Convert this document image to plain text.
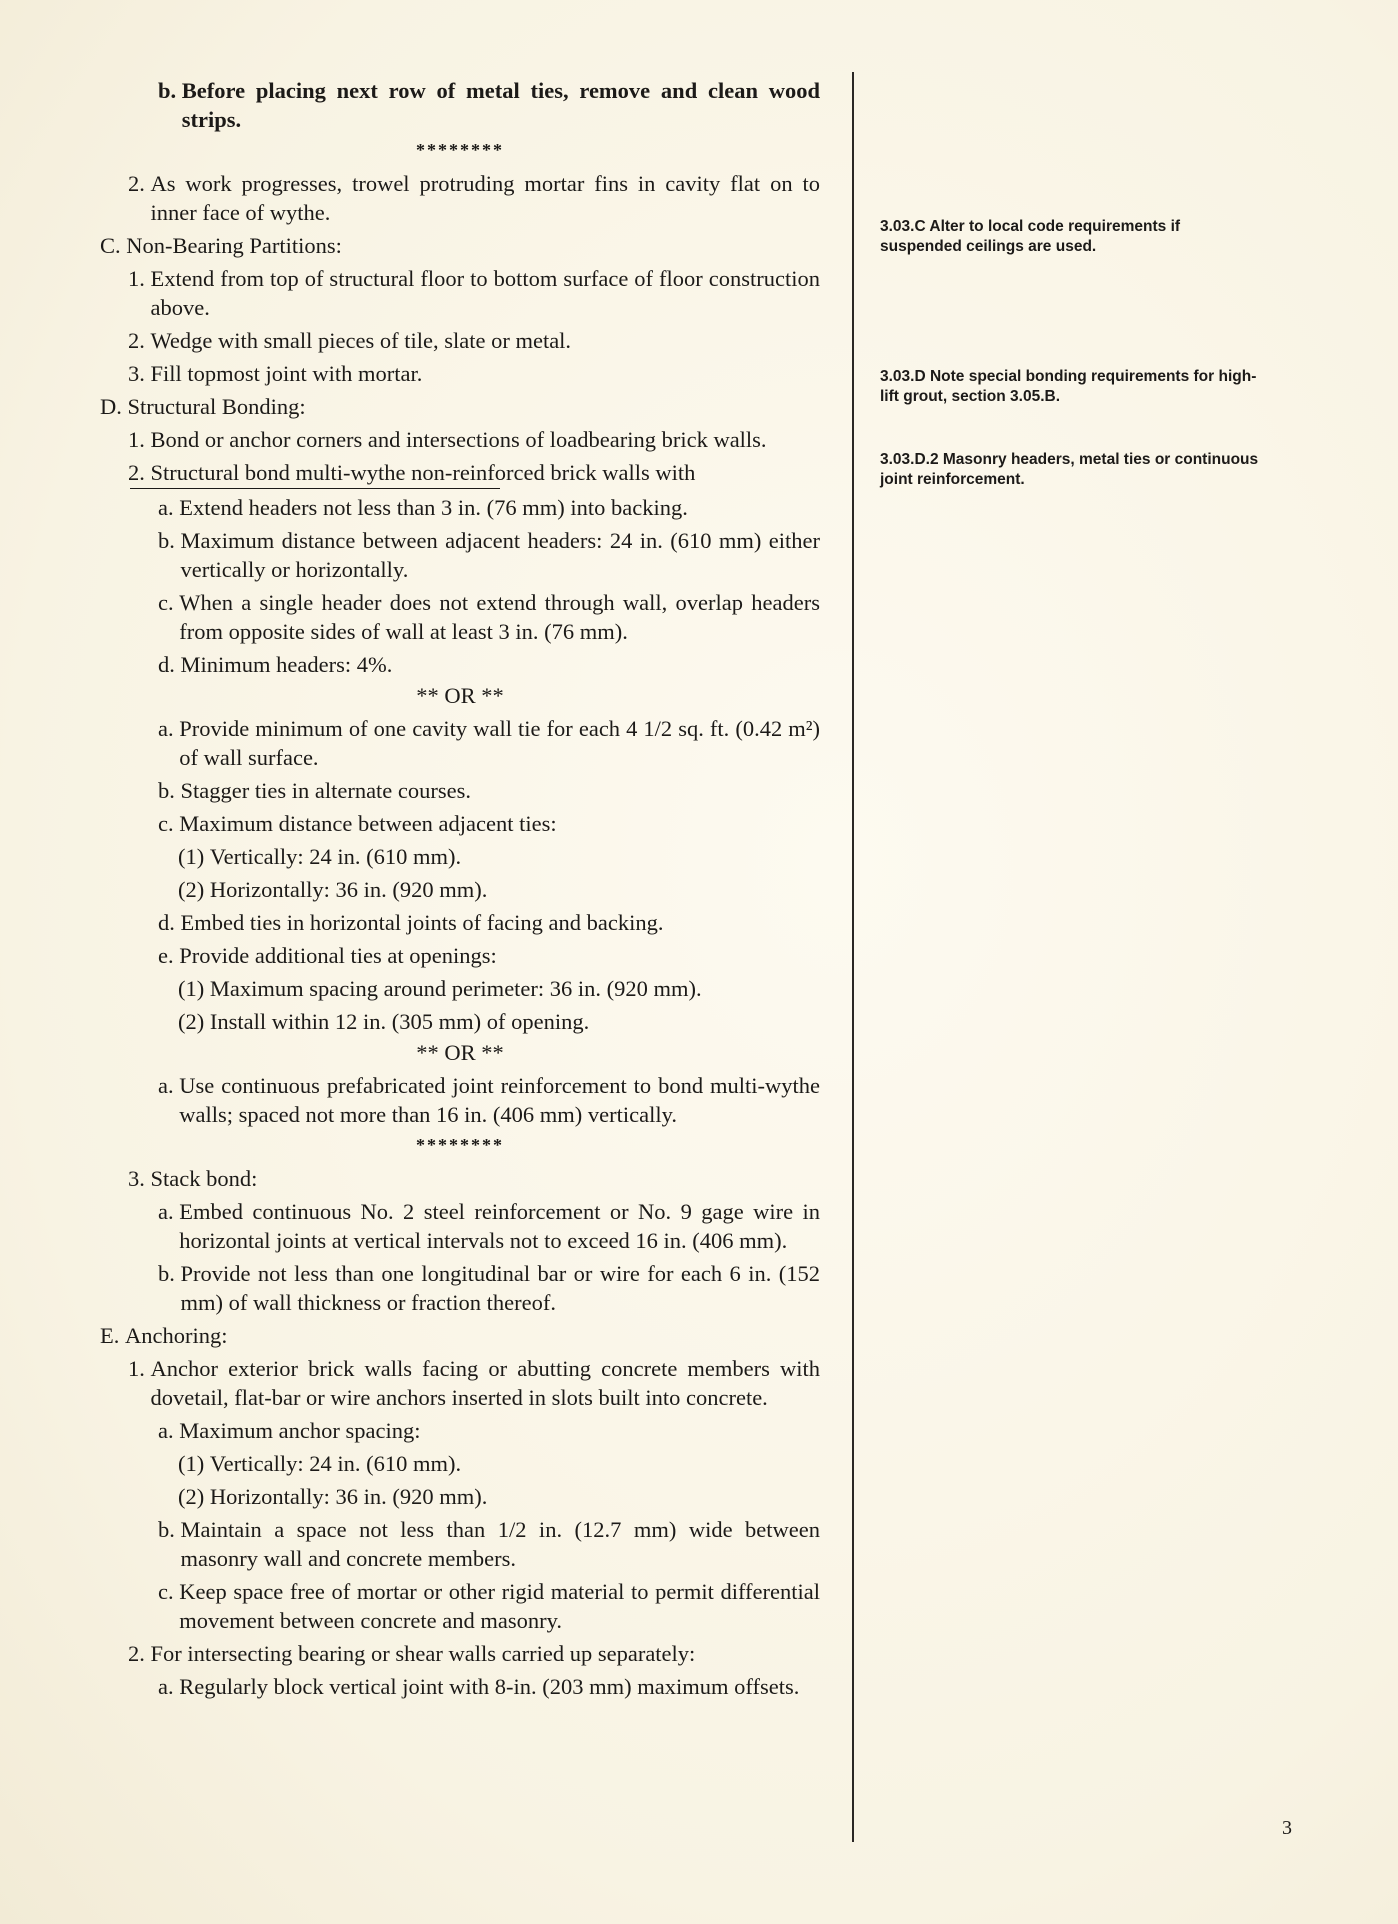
b. Before placing next row of metal ties, remove and clean wood strips.
********
2. As work progresses, trowel protruding mortar fins in cavity flat on to inner face of wythe.
C. Non-Bearing Partitions:
1. Extend from top of structural floor to bottom surface of floor construction above.
2. Wedge with small pieces of tile, slate or metal.
3. Fill topmost joint with mortar.
D. Structural Bonding:
1. Bond or anchor corners and intersections of loadbearing brick walls.
2. Structural bond multi-wythe non-reinforced brick walls with
a. Extend headers not less than 3 in. (76 mm) into backing.
b. Maximum distance between adjacent headers: 24 in. (610 mm) either vertically or horizontally.
c. When a single header does not extend through wall, overlap headers from opposite sides of wall at least 3 in. (76 mm).
d. Minimum headers: 4%.
** OR **
a. Provide minimum of one cavity wall tie for each 4 1/2 sq. ft. (0.42 m²) of wall surface.
b. Stagger ties in alternate courses.
c. Maximum distance between adjacent ties:
(1) Vertically: 24 in. (610 mm).
(2) Horizontally: 36 in. (920 mm).
d. Embed ties in horizontal joints of facing and backing.
e. Provide additional ties at openings:
(1) Maximum spacing around perimeter: 36 in. (920 mm).
(2) Install within 12 in. (305 mm) of opening.
** OR **
a. Use continuous prefabricated joint reinforcement to bond multi-wythe walls; spaced not more than 16 in. (406 mm) vertically.
********
3. Stack bond:
a. Embed continuous No. 2 steel reinforcement or No. 9 gage wire in horizontal joints at vertical intervals not to exceed 16 in. (406 mm).
b. Provide not less than one longitudinal bar or wire for each 6 in. (152 mm) of wall thickness or fraction thereof.
E. Anchoring:
1. Anchor exterior brick walls facing or abutting concrete members with dovetail, flat-bar or wire anchors inserted in slots built into concrete.
a. Maximum anchor spacing:
(1) Vertically: 24 in. (610 mm).
(2) Horizontally: 36 in. (920 mm).
b. Maintain a space not less than 1/2 in. (12.7 mm) wide between masonry wall and concrete members.
c. Keep space free of mortar or other rigid material to permit differential movement between concrete and masonry.
2. For intersecting bearing or shear walls carried up separately:
a. Regularly block vertical joint with 8-in. (203 mm) maximum offsets.
3.03.C Alter to local code requirements if suspended ceilings are used.
3.03.D Note special bonding requirements for high-lift grout, section 3.05.B.
3.03.D.2 Masonry headers, metal ties or continuous joint reinforcement.
3
